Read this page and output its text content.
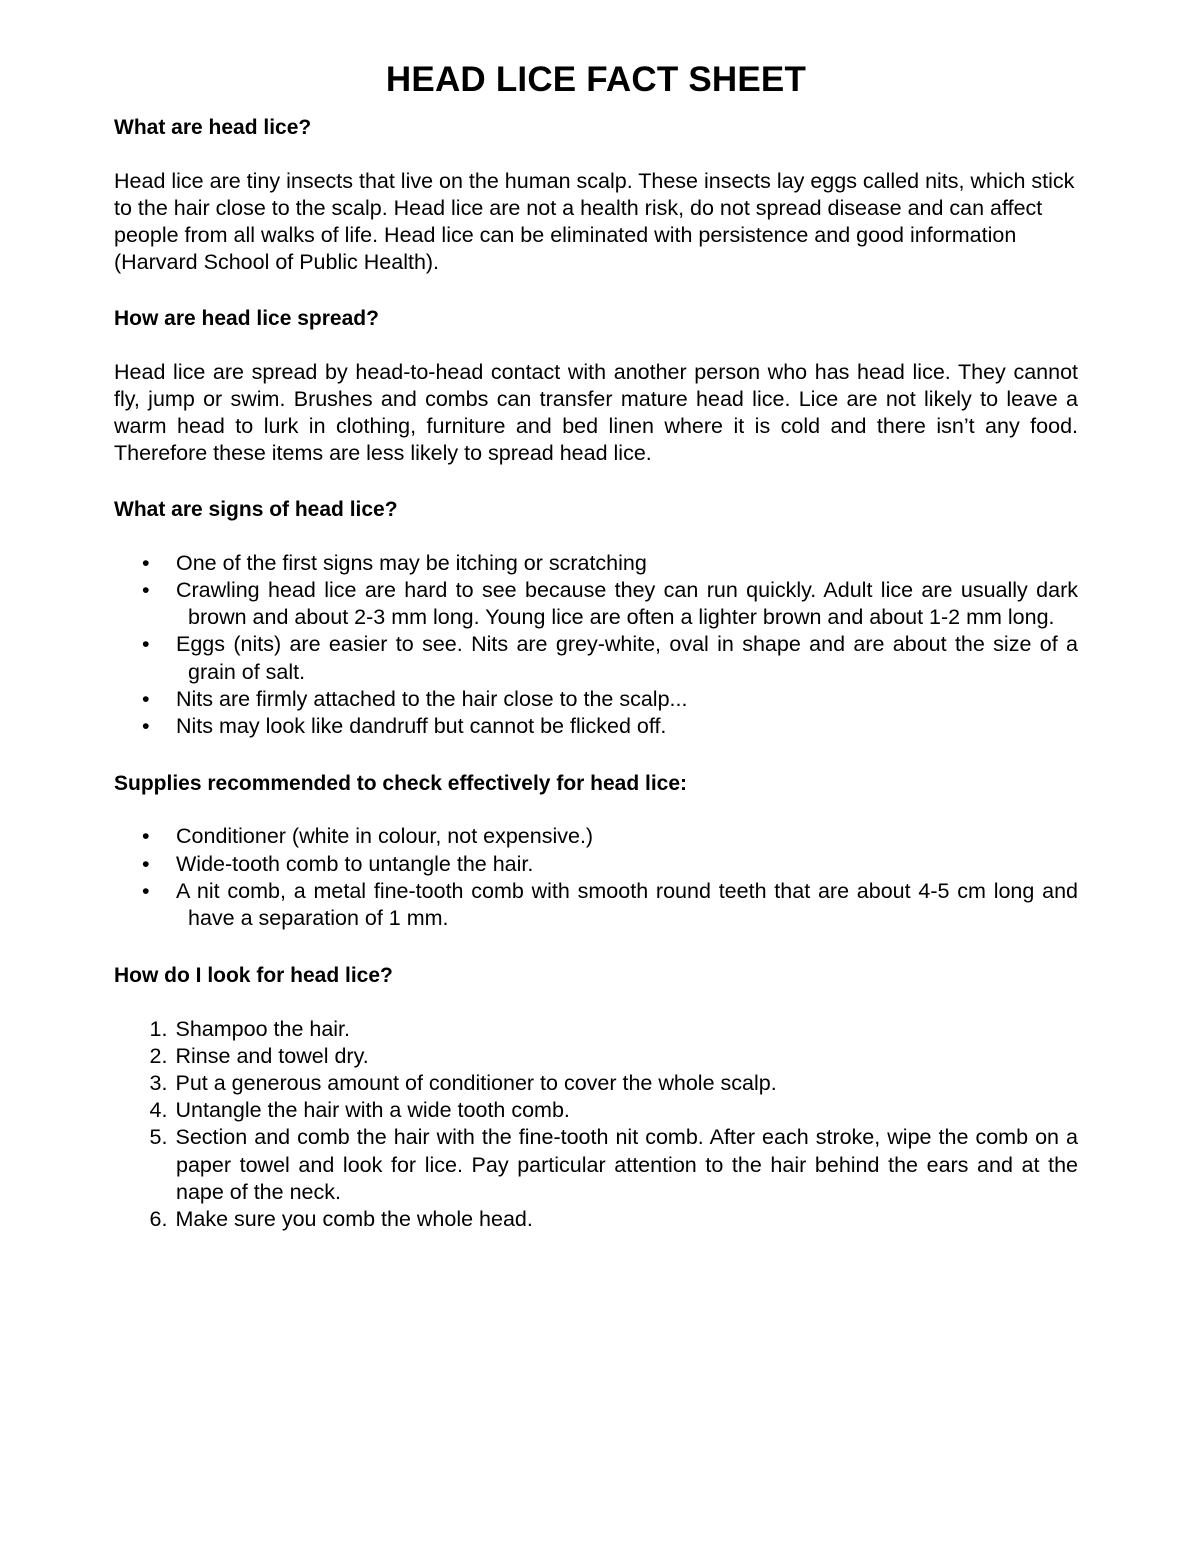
HEAD LICE FACT SHEET
What are head lice?

Head lice are tiny insects that live on the human scalp. These insects lay eggs called nits, which stick to the hair close to the scalp. Head lice are not a health risk, do not spread disease and can affect people from all walks of life. Head lice can be eliminated with persistence and good information (Harvard School of Public Health).

How are head lice spread?

Head lice are spread by head-to-head contact with another person who has head lice. They cannot fly, jump or swim. Brushes and combs can transfer mature head lice. Lice are not likely to leave a warm head to lurk in clothing, furniture and bed linen where it is cold and there isn’t any food. Therefore these items are less likely to spread head lice.

What are signs of head lice?
•	One of the first signs may be itching or scratching
•	Crawling head lice are hard to see because they can run quickly. Adult lice are usually dark brown and about 2-3 mm long. Young lice are often a lighter brown and about 1-2 mm long.
•	Eggs (nits) are easier to see. Nits are grey-white, oval in shape and are about the size of a grain of salt.
•	Nits are firmly attached to the hair close to the scalp...
•	Nits may look like dandruff but cannot be flicked off.
Supplies recommended to check effectively for head lice:
•	Conditioner (white in colour, not expensive.)
•	Wide-tooth comb to untangle the hair.
•	A nit comb, a metal fine-tooth comb with smooth round teeth that are about 4-5 cm long and have a separation of 1 mm.
How do I look for head lice?
1. Shampoo the hair.
2. Rinse and towel dry.
3. Put a generous amount of conditioner to cover the whole scalp.
4. Untangle the hair with a wide tooth comb.
5. Section and comb the hair with the fine-tooth nit comb. After each stroke, wipe the comb on a paper towel and look for lice. Pay particular attention to the hair behind the ears and at the nape of the neck.
6. Make sure you comb the whole head.
